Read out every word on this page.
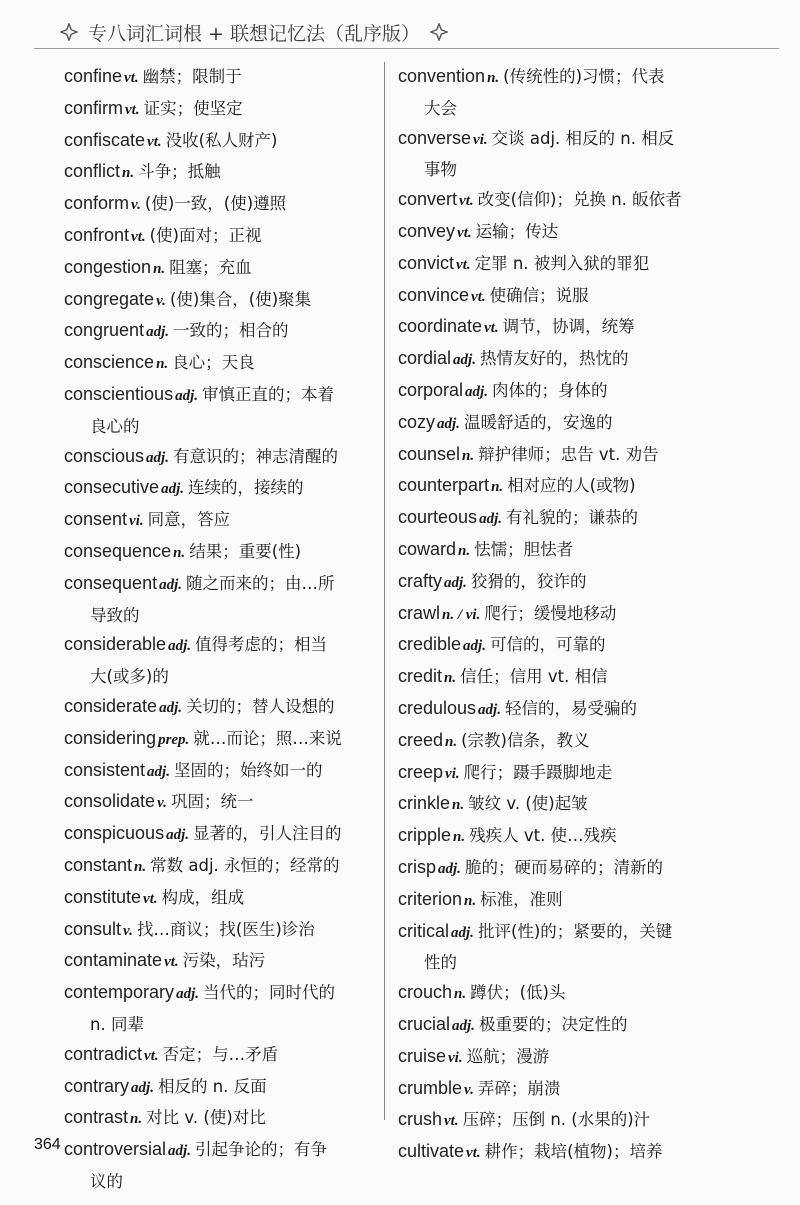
专八词汇词根 + 联想记忆法（乱序版）

confine vt. 幽禁；限制于

confirm vt. 证实；使坚定

confiscate vt. 没收(私人财产)

conflict n. 斗争；抵触

conform v. (使)一致，(使)遵照

confront vt. (使)面对；正视

congestion n. 阻塞；充血

congregate v. (使)集合，(使)聚集

congruent adj. 一致的；相合的

conscience n. 良心；天良

conscientious adj. 审慎正直的；本着
良心的

conscious adj. 有意识的；神志清醒的

consecutive adj. 连续的，接续的

consent vi. 同意，答应

consequence n. 结果；重要(性)

consequent adj. 随之而来的；由…所
导致的

considerable adj. 值得考虑的；相当
大(或多)的

considerate adj. 关切的；替人设想的

considering prep. 就…而论；照…来说

consistent adj. 坚固的；始终如一的

consolidate v. 巩固；统一

conspicuous adj. 显著的，引人注目的

constant n. 常数 adj. 永恒的；经常的

constitute vt. 构成，组成

consult v. 找…商议；找(医生)诊治

contaminate vt. 污染，玷污

contemporary adj. 当代的；同时代的
n. 同辈

contradict vt. 否定；与…矛盾

contrary adj. 相反的 n. 反面

contrast n. 对比 v. (使)对比

controversial adj. 引起争论的；有争
议的

convention n. (传统性的)习惯；代表
大会

converse vi. 交谈 adj. 相反的 n. 相反
事物

convert vt. 改变(信仰)；兑换 n. 皈依者

convey vt. 运输；传达

convict vt. 定罪 n. 被判入狱的罪犯

convince vt. 使确信；说服

coordinate vt. 调节，协调，统筹

cordial adj. 热情友好的，热忱的

corporal adj. 肉体的；身体的

cozy adj. 温暖舒适的，安逸的

counsel n. 辩护律师；忠告 vt. 劝告

counterpart n. 相对应的人(或物)

courteous adj. 有礼貌的；谦恭的

coward n. 怯懦；胆怯者

crafty adj. 狡猾的，狡诈的

crawl n. / vi. 爬行；缓慢地移动

credible adj. 可信的，可靠的

credit n. 信任；信用 vt. 相信

credulous adj. 轻信的，易受骗的

creed n. (宗教)信条，教义

creep vi. 爬行；蹑手蹑脚地走

crinkle n. 皱纹 v. (使)起皱

cripple n. 残疾人 vt. 使…残疾

crisp adj. 脆的；硬而易碎的；清新的

criterion n. 标准，准则

critical adj. 批评(性)的；紧要的，关键
性的

crouch n. 蹲伏；(低)头

crucial adj. 极重要的；决定性的

cruise vi. 巡航；漫游

crumble v. 弄碎；崩溃

crush vt. 压碎；压倒 n. (水果的)汁

cultivate vt. 耕作；栽培(植物)；培养

364
